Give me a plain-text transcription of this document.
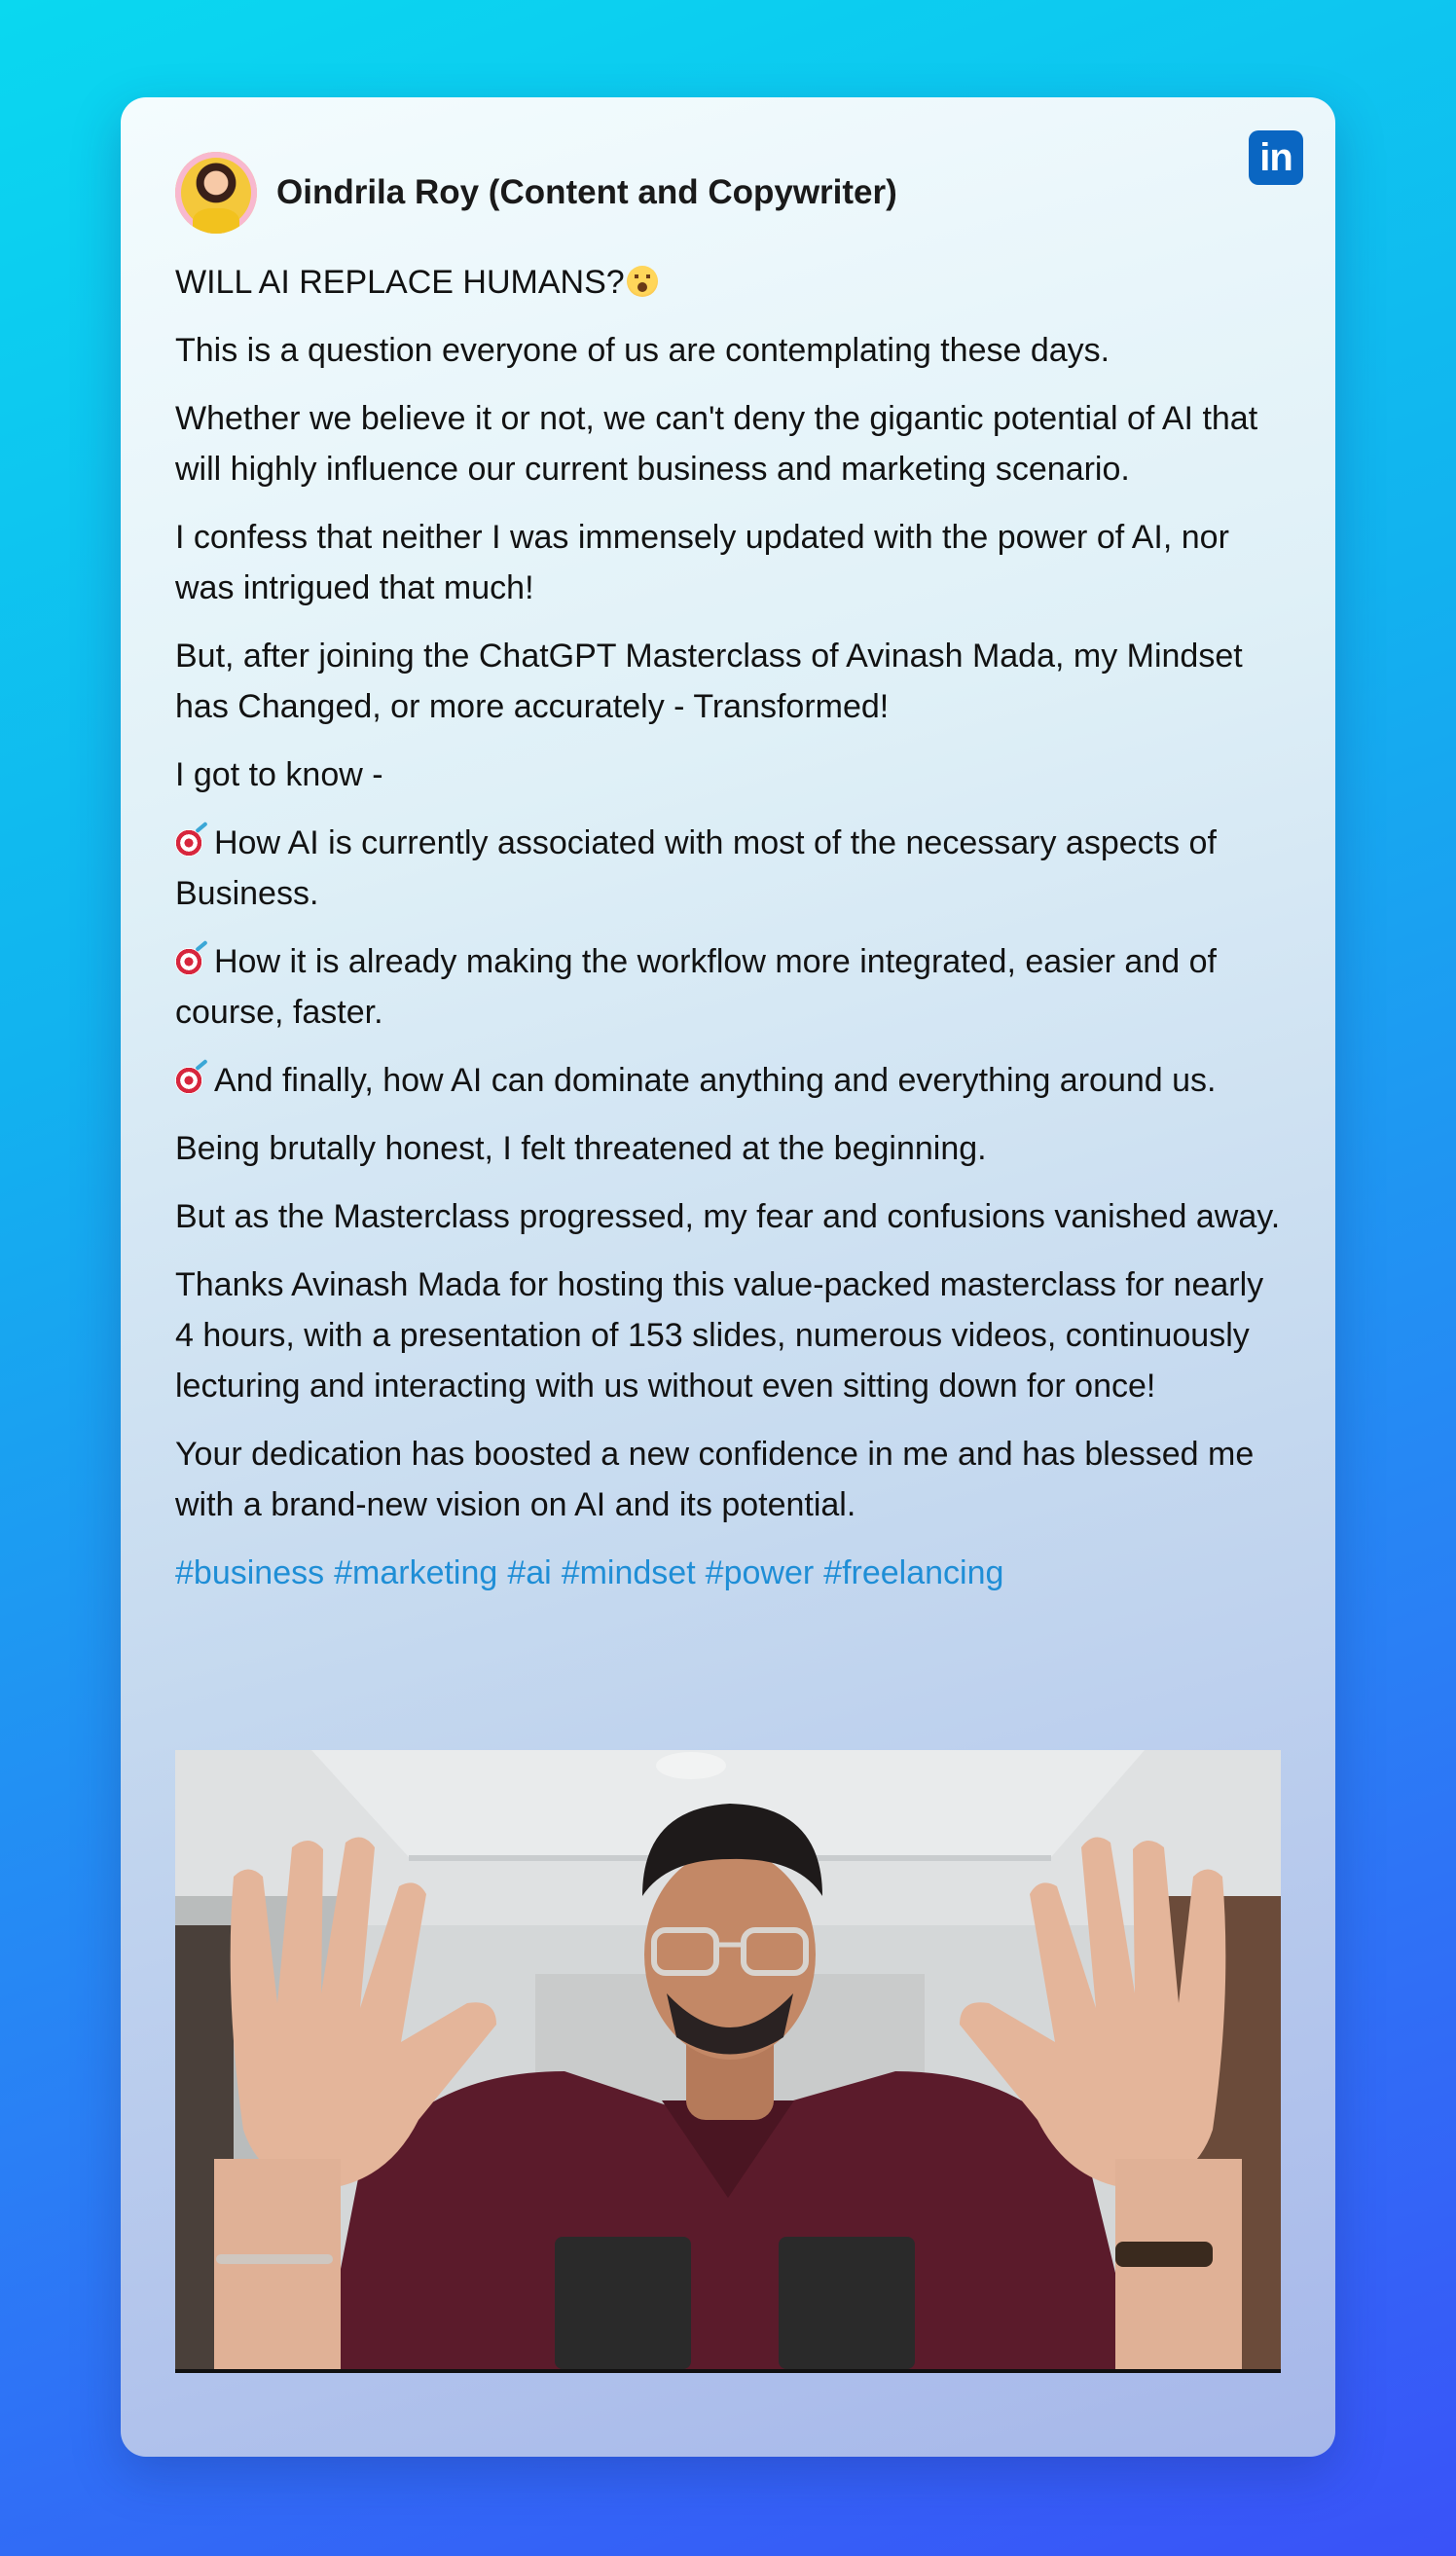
in
Oindrila Roy (Content and Copywriter)

WILL AI REPLACE HUMANS?

This is a question everyone of us are contemplating these days.

Whether we believe it or not, we can't deny the gigantic potential of AI that will highly influence our current business and marketing scenario.

I confess that neither I was immensely updated with the power of AI, nor was intrigued that much!

But, after joining the ChatGPT Masterclass of Avinash Mada, my Mindset has Changed, or more accurately - Transformed!

I got to know -

How AI is currently associated with most of the necessary aspects of Business.

How it is already making the workflow more integrated, easier and of course, faster.

And finally, how AI can dominate anything and everything around us.

Being brutally honest, I felt threatened at the beginning.

But as the Masterclass progressed, my fear and confusions vanished away.

Thanks Avinash Mada for hosting this value-packed masterclass for nearly 4 hours, with a presentation of 153 slides, numerous videos, continuously lecturing and interacting with us without even sitting down for once!

Your dedication has boosted a new confidence in me and has blessed me with a brand-new vision on AI and its potential.

#business #marketing #ai #mindset #power #freelancing
